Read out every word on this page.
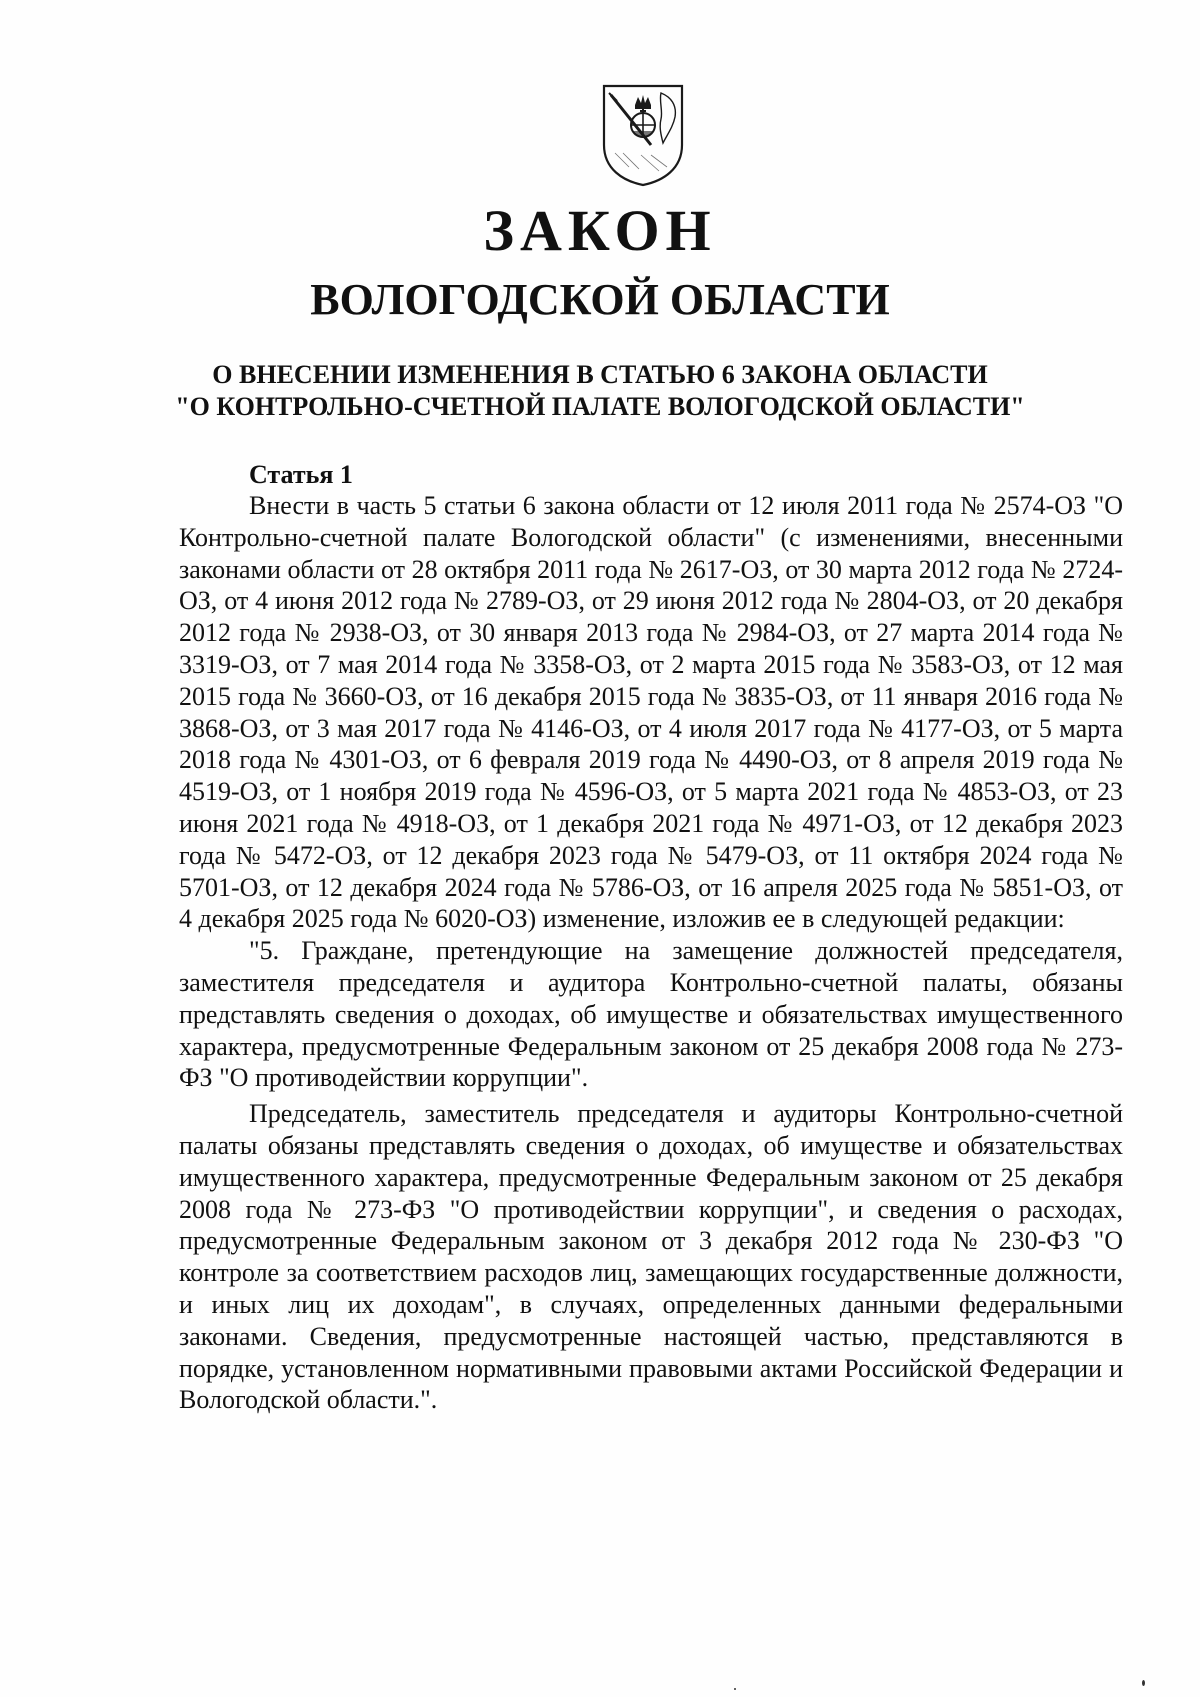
ЗАКОН
ВОЛОГОДСКОЙ ОБЛАСТИ
О ВНЕСЕНИИ ИЗМЕНЕНИЯ В СТАТЬЮ 6 ЗАКОНА ОБЛАСТИ
"О КОНТРОЛЬНО-СЧЕТНОЙ ПАЛАТЕ ВОЛОГОДСКОЙ ОБЛАСТИ"
Статья 1

Внести в часть 5 статьи 6 закона области от 12 июля 2011 года № 2574-ОЗ "О Контрольно-счетной палате Вологодской области" (с изменениями, внесенными законами области от 28 октября 2011 года № 2617-ОЗ, от 30 марта 2012 года № 2724-ОЗ, от 4 июня 2012 года № 2789-ОЗ, от 29 июня 2012 года № 2804-ОЗ, от 20 декабря 2012 года № 2938-ОЗ, от 30 января 2013 года № 2984-ОЗ, от 27 марта 2014 года № 3319-ОЗ, от 7 мая 2014 года № 3358-ОЗ, от 2 марта 2015 года № 3583-ОЗ, от 12 мая 2015 года № 3660-ОЗ, от 16 декабря 2015 года № 3835-ОЗ, от 11 января 2016 года № 3868-ОЗ, от 3 мая 2017 года № 4146-ОЗ, от 4 июля 2017 года № 4177-ОЗ, от 5 марта 2018 года № 4301-ОЗ, от 6 февраля 2019 года № 4490-ОЗ, от 8 апреля 2019 года № 4519-ОЗ, от 1 ноября 2019 года № 4596-ОЗ, от 5 марта 2021 года № 4853-ОЗ, от 23 июня 2021 года № 4918-ОЗ, от 1 декабря 2021 года № 4971-ОЗ, от 12 декабря 2023 года № 5472-ОЗ, от 12 декабря 2023 года № 5479-ОЗ, от 11 октября 2024 года № 5701-ОЗ, от 12 декабря 2024 года № 5786-ОЗ, от 16 апреля 2025 года № 5851-ОЗ, от 4 декабря 2025 года № 6020-ОЗ) изменение, изложив ее в следующей редакции:

"5. Граждане, претендующие на замещение должностей председателя, заместителя председателя и аудитора Контрольно-счетной палаты, обязаны представлять сведения о доходах, об имуществе и обязательствах имущественного характера, предусмотренные Федеральным законом от 25 декабря 2008 года № 273-ФЗ "О противодействии коррупции".

Председатель, заместитель председателя и аудиторы Контрольно-счетной палаты обязаны представлять сведения о доходах, об имуществе и обязательствах имущественного характера, предусмотренные Федеральным законом от 25 декабря 2008 года № 273-ФЗ "О противодействии коррупции", и сведения о расходах, предусмотренные Федеральным законом от 3 декабря 2012 года № 230-ФЗ "О контроле за соответствием расходов лиц, замещающих государственные должности, и иных лиц их доходам", в случаях, определенных данными федеральными законами. Сведения, предусмотренные настоящей частью, представляются в порядке, установленном нормативными правовыми актами Российской Федерации и Вологодской области.".
